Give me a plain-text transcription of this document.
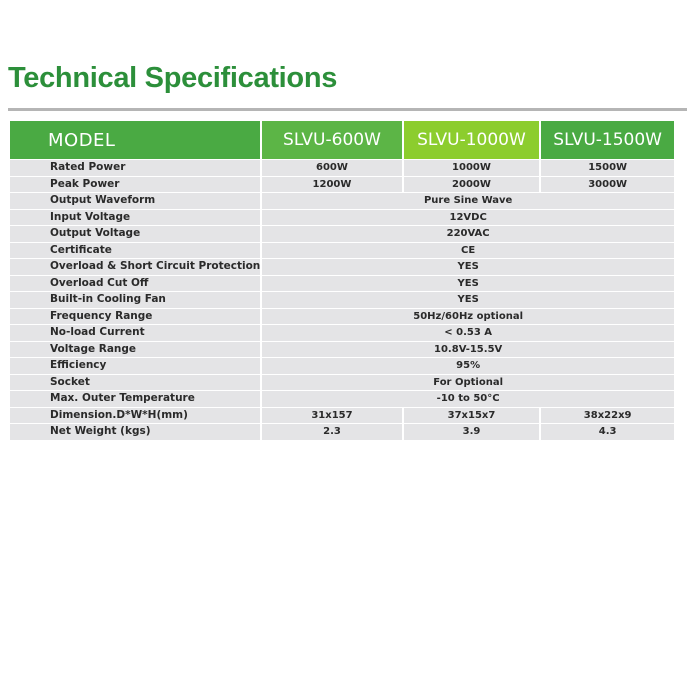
Technical Specifications
MODEL	SLVU-600W	SLVU-1000W	SLVU-1500W
Rated Power	600W	1000W	1500W
Peak Power	1200W	2000W	3000W
Output Waveform	Pure Sine Wave		
Input Voltage	12VDC		
Output Voltage	220VAC		
Certificate	CE		
Overload & Short Circuit Protection	YES		
Overload Cut Off	YES		
Built-in Cooling Fan	YES		
Frequency Range	50Hz/60Hz optional		
No-load Current	< 0.53 A		
Voltage Range	10.8V-15.5V		
Efficiency	95%		
Socket	For Optional		
Max. Outer Temperature	-10 to 50°C		
Dimension.D*W*H(mm)	31x157	37x15x7	38x22x9
Net Weight (kgs)	2.3	3.9	4.3
